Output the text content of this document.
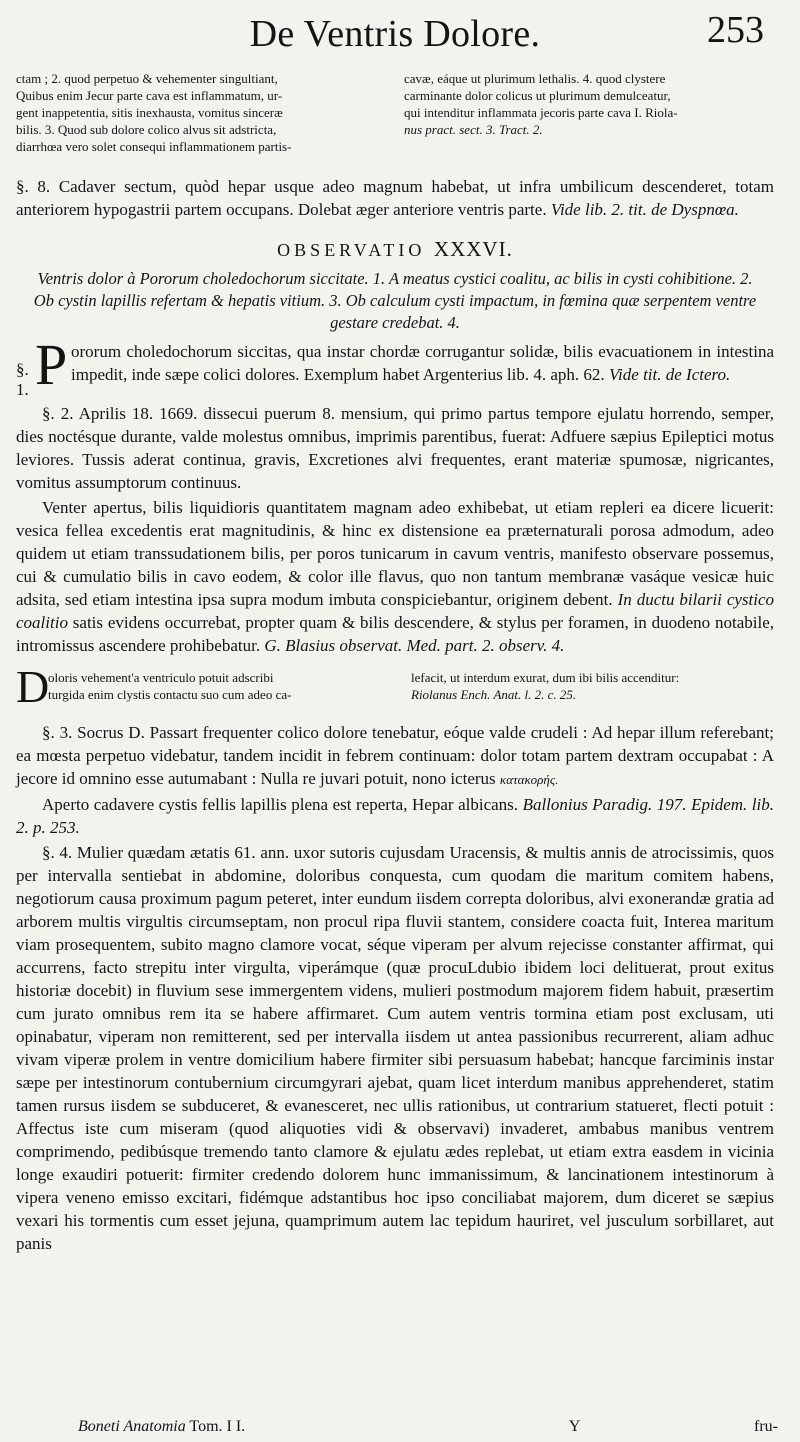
De Ventris Dolore.	253
ctam ; 2. quod perpetuo & vehementer singultiant,
Quibus enim Jecur parte cava est inflammatum, ur-
gent inappetentia, sitis inexhausta, vomitus sinceræ
bilis. 3. Quod sub dolore colico alvus sit adstricta,
diarrhœa vero solet consequi inflammationem partis-
cavæ, eáque ut plurimum lethalis. 4. quod clystere
carminante dolor colicus ut plurimum demulceatur,
qui intenditur inflammata jecoris parte cava I. Riola-
nus pract. sect. 3. Tract. 2.

§. 8. Cadaver sectum, quòd hepar usque adeo magnum habebat, ut infra umbilicum descenderet, totam anteriorem hypogastrii partem occupans. Dolebat æger anteriore ventris parte. Vide lib. 2. tit. de Dyspnœa.

OBSERVATIO XXXVI.
Ventris dolor à Pororum choledochorum siccitate. 1. A meatus cystici coalitu, ac bilis in cysti cohibitione. 2. Ob cystin lapillis refertam & hepatis vitium. 3. Ob calculum cysti impactum, in fœmina quæ serpentem ventre gestare credebat. 4.
§. 1. P ororum choledochorum siccitas, qua instar chordæ corrugantur solidæ, bilis evacuationem in intestina impedit, inde sæpe colici dolores. Exemplum habet Argenterius lib. 4. aph. 62. Vide tit. de Ictero.

§. 2. Aprilis 18. 1669. dissecui puerum 8. mensium, qui primo partus tempore ejulatu horrendo, semper, dies noctésque durante, valde molestus omnibus, imprimis parentibus, fuerat: Adfuere sæpius Epileptici motus leviores. Tussis aderat continua, gravis, Excretiones alvi frequentes, erant materiæ spumosæ, nigricantes, vomitus assumptorum continuus.

Venter apertus, bilis liquidioris quantitatem magnam adeo exhibebat, ut etiam repleri ea dicere licuerit: vesica fellea excedentis erat magnitudinis, & hinc ex distensione ea præternaturali porosa admodum, adeo quidem ut etiam transsudationem bilis, per poros tunicarum in cavum ventris, manifesto observare possemus, cui & cumulatio bilis in cavo eodem, & color ille flavus, quo non tantum membranæ vasáque vesicæ huic adsita, sed etiam intestina ipsa supra modum imbuta conspiciebantur, originem debent. In ductu bilarii cystico coalitio satis evidens occurrebat, propter quam & bilis descendere, & stylus per foramen, in duodeno notabile, intromissus ascendere prohibebatur. G. Blasius observat. Med. part. 2. observ. 4.

D
oloris vehement'a ventriculo potuit adscribi
turgida enim clystis contactu suo cum adeo ca-
lefacit, ut interdum exurat, dum ibi bilis accenditur:
Riolanus Ench. Anat. l. 2. c. 25.

§. 3. Socrus D. Passart frequenter colico dolore tenebatur, eóque valde crudeli : Ad hepar illum referebant; ea mœsta perpetuo videbatur, tandem incidit in febrem continuam: dolor totam partem dextram occupabat : A jecore id omnino esse autumabant : Nulla re juvari potuit, nono icterus κατακορής.

Aperto cadavere cystis fellis lapillis plena est reperta, Hepar albicans. Ballonius Paradig. 197. Epidem. lib. 2. p. 253.

§. 4. Mulier quædam ætatis 61. ann. uxor sutoris cujusdam Uracensis, & multis annis de atrocissimis, quos per intervalla sentiebat in abdomine, doloribus conquesta, cum quodam die maritum comitem habens, negotiorum causa proximum pagum peteret, inter eundum iisdem correpta doloribus, alvi exonerandæ gratia ad arborem multis virgultis circumseptam, non procul ripa fluvii stantem, considere coacta fuit, Interea maritum viam prosequentem, subito magno clamore vocat, séque viperam per alvum rejecisse constanter affirmat, qui accurrens, facto strepitu inter virgulta, viperámque (quæ procuLdubio ibidem loci delituerat, prout exitus historiæ docebit) in fluvium sese immergentem videns, mulieri postmodum majorem fidem habuit, præsertim cum jurato omnibus rem ita se habere affirmaret. Cum autem ventris tormina etiam post exclusam, uti opinabatur, viperam non remitterent, sed per intervalla iisdem ut antea passionibus recurrerent, aliam adhuc vivam viperæ prolem in ventre domicilium habere firmiter sibi persuasum habebat; hancque farciminis instar sæpe per intestinorum contubernium circumgyrari ajebat, quam licet interdum manibus apprehenderet, statim tamen rursus iisdem se subduceret, & evanesceret, nec ullis rationibus, ut contrarium statueret, flecti potuit : Affectus iste cum miseram (quod aliquoties vidi & observavi) invaderet, ambabus manibus ventrem comprimendo, pedibúsque tremendo tanto clamore & ejulatu ædes replebat, ut etiam extra easdem in vicinia longe exaudiri potuerit: firmiter credendo dolorem hunc immanissimum, & lancinationem intestinorum à vipera veneno emisso excitari, fidémque adstantibus hoc ipso conciliabat majorem, dum diceret se sæpius vexari his tormentis cum esset jejuna, quamprimum autem lac tepidum hauriret, vel jusculum sorbillaret, aut panis

Boneti Anatomia Tom. I I.	Y	fru-
